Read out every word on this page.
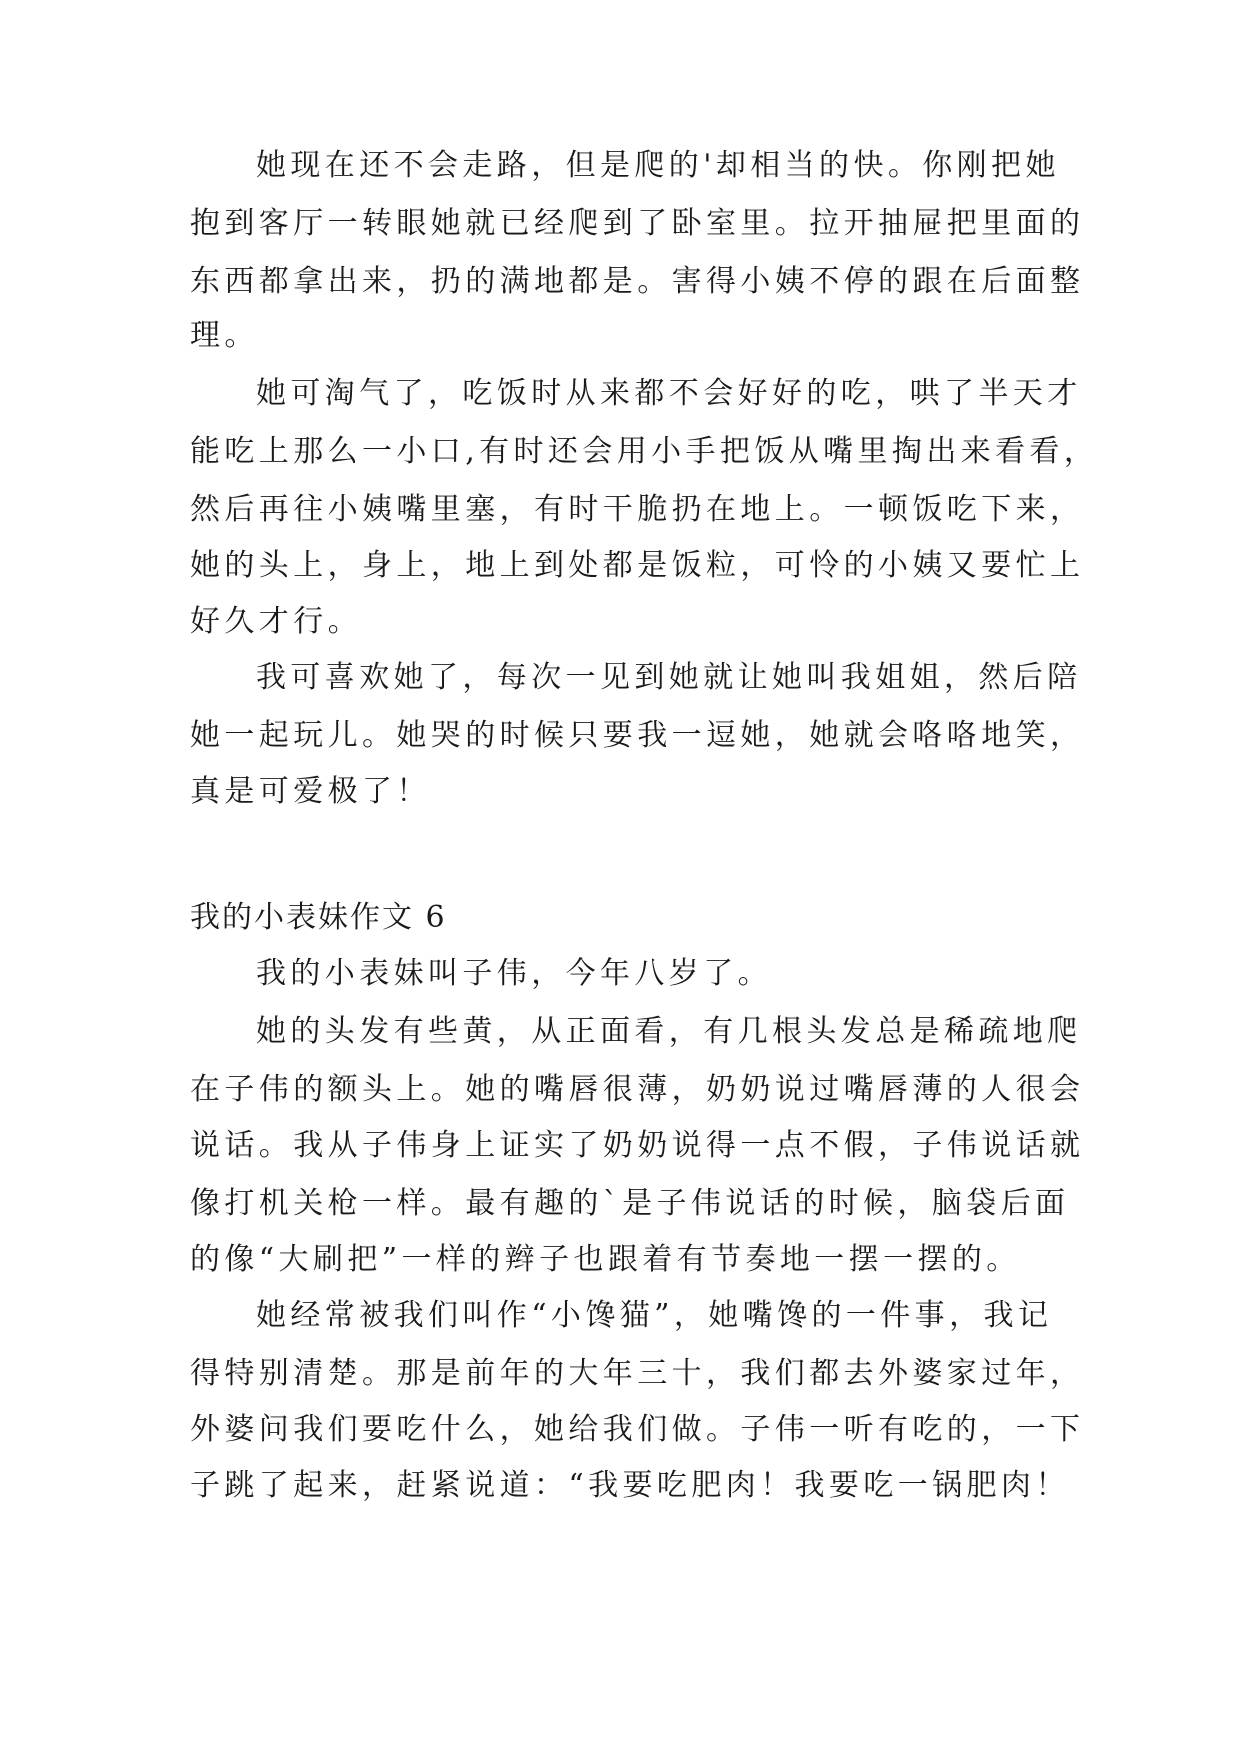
她现在还不会走路，但是爬的'却相当的快。你刚把她
抱到客厅一转眼她就已经爬到了卧室里。拉开抽屉把里面的
东西都拿出来，扔的满地都是。害得小姨不停的跟在后面整
理。
她可淘气了，吃饭时从来都不会好好的吃，哄了半天才
能吃上那么一小口,有时还会用小手把饭从嘴里掏出来看看，
然后再往小姨嘴里塞，有时干脆扔在地上。一顿饭吃下来，
她的头上，身上，地上到处都是饭粒，可怜的小姨又要忙上
好久才行。
我可喜欢她了，每次一见到她就让她叫我姐姐，然后陪
她一起玩儿。她哭的时候只要我一逗她，她就会咯咯地笑，
真是可爱极了！
我的小表妹作文 6
我的小表妹叫子伟，今年八岁了。
她的头发有些黄，从正面看，有几根头发总是稀疏地爬
在子伟的额头上。她的嘴唇很薄，奶奶说过嘴唇薄的人很会
说话。我从子伟身上证实了奶奶说得一点不假，子伟说话就
像打机关枪一样。最有趣的`是子伟说话的时候，脑袋后面
的像“大刷把”一样的辫子也跟着有节奏地一摆一摆的。
她经常被我们叫作“小馋猫”，她嘴馋的一件事，我记
得特别清楚。那是前年的大年三十，我们都去外婆家过年，
外婆问我们要吃什么，她给我们做。子伟一听有吃的，一下
子跳了起来，赶紧说道：“我要吃肥肉！我要吃一锅肥肉！
